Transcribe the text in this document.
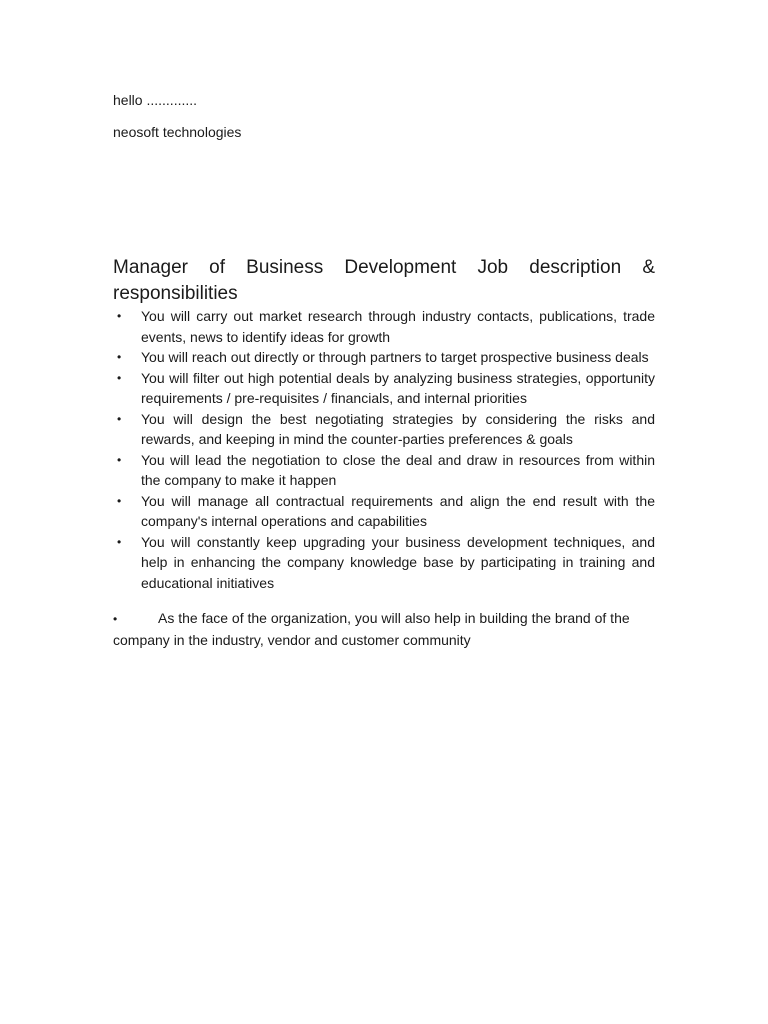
hello .............
neosoft technologies
Manager of Business Development Job description & responsibilities
• You will carry out market research through industry contacts, publications, trade events, news to identify ideas for growth
• You will reach out directly or through partners to target prospective business deals
• You will filter out high potential deals by analyzing business strategies, opportunity requirements / pre-requisites / financials, and internal priorities
• You will design the best negotiating strategies by considering the risks and rewards, and keeping in mind the counter-parties preferences & goals
• You will lead the negotiation to close the deal and draw in resources from within the company to make it happen
• You will manage all contractual requirements and align the end result with the company's internal operations and capabilities
• You will constantly keep upgrading your business development techniques, and help in enhancing the company knowledge base by participating in training and educational initiatives
•	As the face of the organization, you will also help in building the brand of the company in the industry, vendor and customer community
